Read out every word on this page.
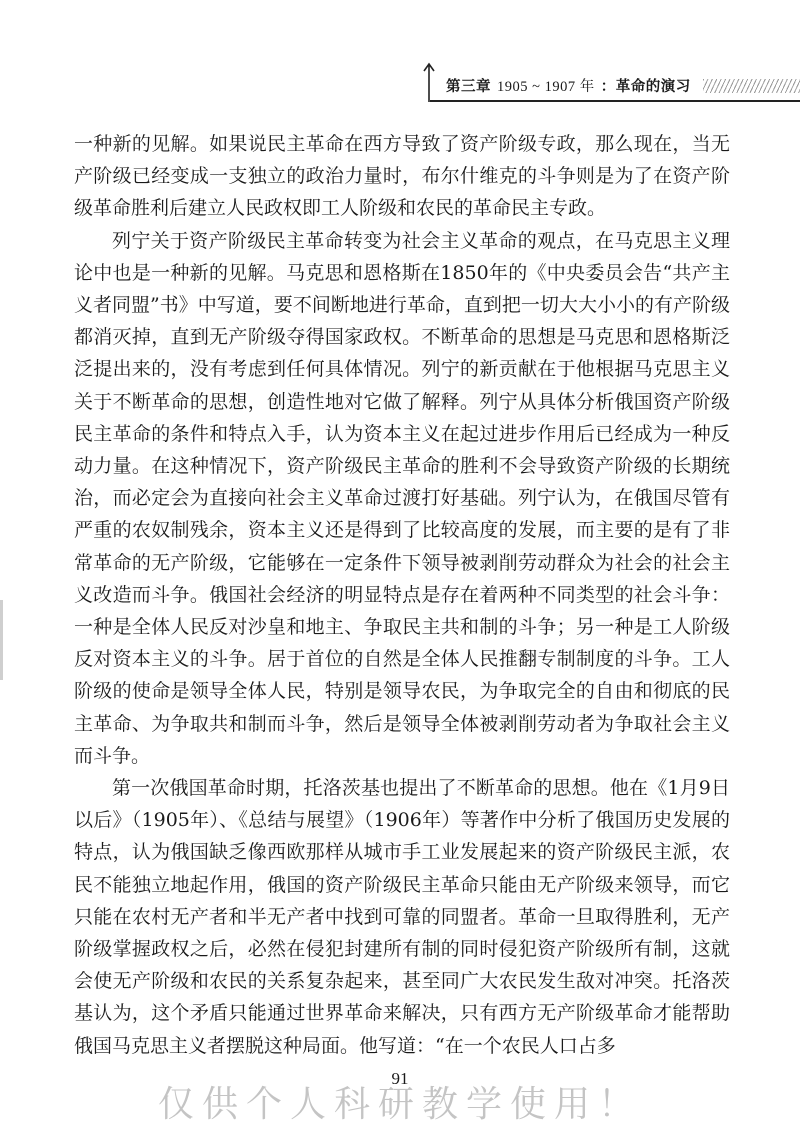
第三章 1905 ~ 1907 年 ：革命的演习

一种新的见解。如果说民主革命在西方导致了资产阶级专政，那么现在，当无产阶级已经变成一支独立的政治力量时，布尔什维克的斗争则是为了在资产阶级革命胜利后建立人民政权即工人阶级和农民的革命民主专政。

列宁关于资产阶级民主革命转变为社会主义革命的观点，在马克思主义理论中也是一种新的见解。马克思和恩格斯在1850年的《中央委员会告“共产主义者同盟”书》中写道，要不间断地进行革命，直到把一切大大小小的有产阶级都消灭掉，直到无产阶级夺得国家政权。不断革命的思想是马克思和恩格斯泛泛提出来的，没有考虑到任何具体情况。列宁的新贡献在于他根据马克思主义关于不断革命的思想，创造性地对它做了解释。列宁从具体分析俄国资产阶级民主革命的条件和特点入手，认为资本主义在起过进步作用后已经成为一种反动力量。在这种情况下，资产阶级民主革命的胜利不会导致资产阶级的长期统治，而必定会为直接向社会主义革命过渡打好基础。列宁认为，在俄国尽管有严重的农奴制残余，资本主义还是得到了比较高度的发展，而主要的是有了非常革命的无产阶级，它能够在一定条件下领导被剥削劳动群众为社会的社会主义改造而斗争。俄国社会经济的明显特点是存在着两种不同类型的社会斗争：一种是全体人民反对沙皇和地主、争取民主共和制的斗争；另一种是工人阶级反对资本主义的斗争。居于首位的自然是全体人民推翻专制制度的斗争。工人阶级的使命是领导全体人民，特别是领导农民，为争取完全的自由和彻底的民主革命、为争取共和制而斗争，然后是领导全体被剥削劳动者为争取社会主义而斗争。

第一次俄国革命时期，托洛茨基也提出了不断革命的思想。他在《1月9日以后》（1905年）、《总结与展望》（1906年）等著作中分析了俄国历史发展的特点，认为俄国缺乏像西欧那样从城市手工业发展起来的资产阶级民主派，农民不能独立地起作用，俄国的资产阶级民主革命只能由无产阶级来领导，而它只能在农村无产者和半无产者中找到可靠的同盟者。革命一旦取得胜利，无产阶级掌握政权之后，必然在侵犯封建所有制的同时侵犯资产阶级所有制，这就会使无产阶级和农民的关系复杂起来，甚至同广大农民发生敌对冲突。托洛茨基认为，这个矛盾只能通过世界革命来解决，只有西方无产阶级革命才能帮助俄国马克思主义者摆脱这种局面。他写道：“在一个农民人口占多

91
仅供个人科研教学使用！
